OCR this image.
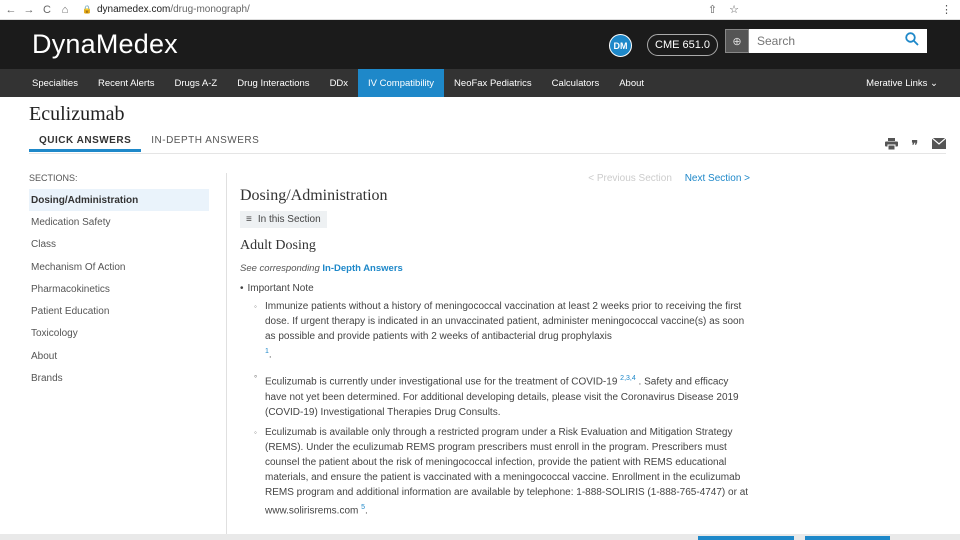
← → C ⌂	🔒 dynamedex.com/drug-monograph/	⇧ ☆	⋮
DynaMedex	DM	CME 651.0	⊕
Search
Specialties	Recent Alerts	Drugs A-Z	Drug Interactions	DDx	IV Compatibility	NeoFax Pediatrics	Calculators	About	Merative Links ⌄
Eculizumab
QUICK ANSWERS	IN-DEPTH ANSWERS	❞
SECTIONS:
Dosing/Administration
Medication Safety
Class
Mechanism Of Action
Pharmacokinetics
Patient Education
Toxicology
About
Brands
< Previous Section Next Section >
Dosing/Administration
≡ In this Section
Adult Dosing
See corresponding In-Depth Answers
• Important Note
◦ Immunize patients without a history of meningococcal vaccination at least 2 weeks prior to receiving the first dose. If urgent therapy is indicated in an unvaccinated patient, administer meningococcal vaccine(s) as soon as possible and provide patients with 2 weeks of antibacterial drug prophylaxis
$^1$.
° Eculizumab is currently under investigational use for the treatment of COVID-19 $^{2,3,4}$ . Safety and efficacy have not yet been determined. For additional developing details, please visit the Coronavirus Disease 2019 (COVID-19) Investigational Therapies Drug Consults.
◦ Eculizumab is available only through a restricted program under a Risk Evaluation and Mitigation Strategy (REMS). Under the eculizumab REMS program prescribers must enroll in the program. Prescribers must counsel the patient about the risk of meningococcal infection, provide the patient with REMS educational materials, and ensure the patient is vaccinated with a meningococcal vaccine. Enrollment in the eculizumab REMS program and additional information are available by telephone: 1-888-SOLIRIS (1-888-765-4747) or at www.solirisrems.com $^5$.
